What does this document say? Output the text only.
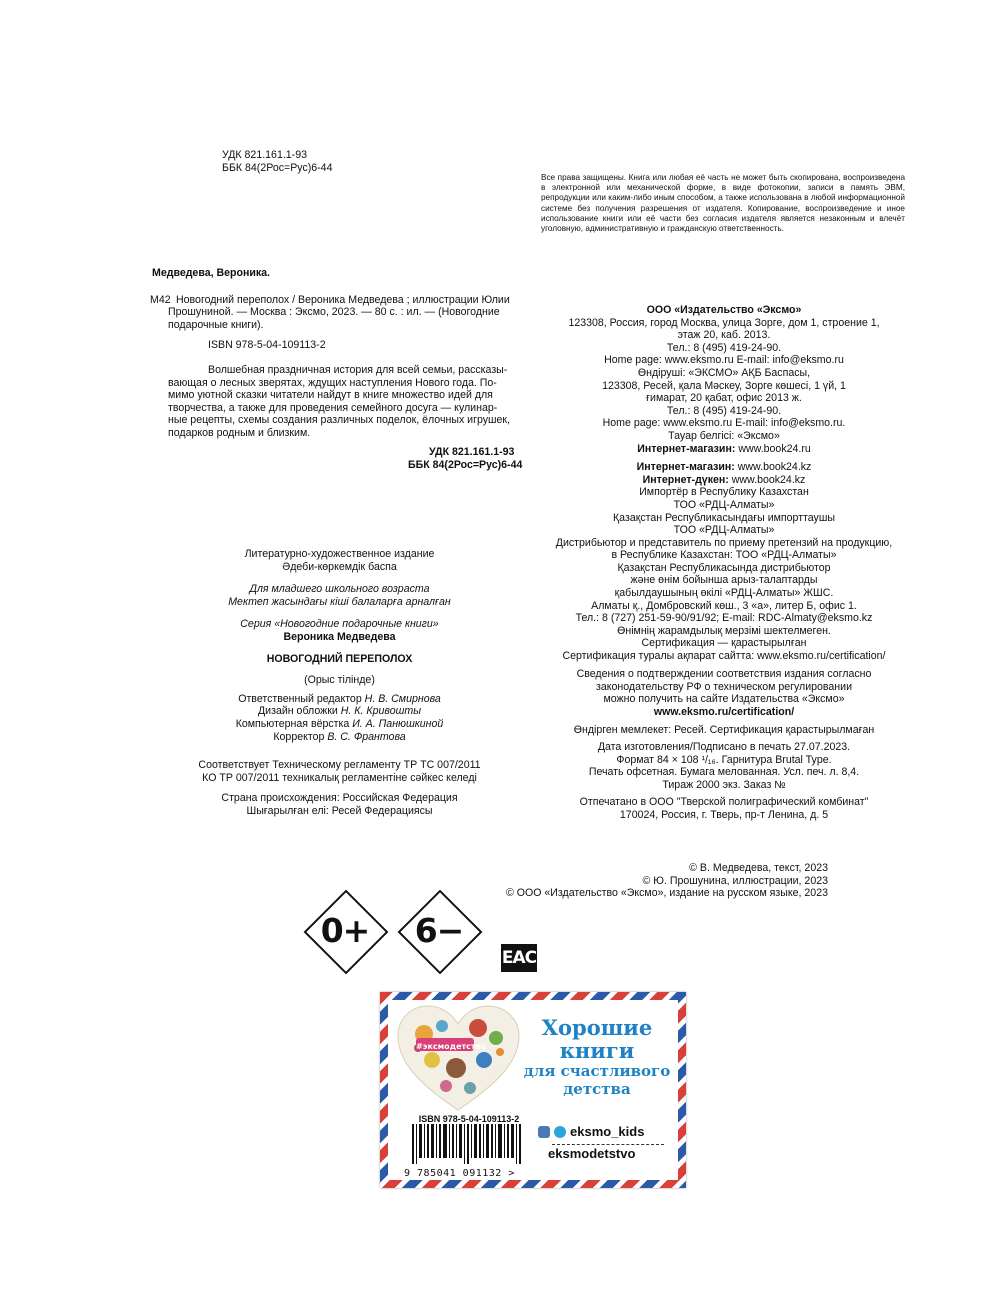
УДК 821.161.1-93
ББК 84(2Рос=Рус)6-44
Все права защищены. Книга или любая её часть не может быть скопирована, воспроизведена в электронной или механической форме, в виде фотокопии, записи в память ЭВМ, репродукции или каким-либо иным способом, а также использована в любой информационной системе без получения разрешения от издателя. Копирование, воспроизведение и иное использование книги или её части без согласия издателя является незаконным и влечёт уголовную, административную и гражданскую ответственность.
Медведева, Вероника.
М42 Новогодний переполох / Вероника Медведева ; иллюстрации Юлии
Прошуниной. — Москва : Эксмо, 2023. — 80 с. : ил. — (Новогодние
подарочные книги).
ISBN 978-5-04-109113-2
Волшебная праздничная история для всей семьи, рассказы-
вающая о лесных зверятах, ждущих наступления Нового года. По-
мимо уютной сказки читатели найдут в книге множество идей для
творчества, а также для проведения семейного досуга — кулинар-
ные рецепты, схемы создания различных поделок, ёлочных игрушек,
подарков родным и близким.
УДК 821.161.1-93
ББК 84(2Рос=Рус)6-44
ООО «Издательство «Эксмо»
123308, Россия, город Москва, улица Зорге, дом 1, строение 1,
этаж 20, каб. 2013.
Тел.: 8 (495) 419-24-90.
Home page: www.eksmo.ru E-mail: info@eksmo.ru
Өндіруші: «ЭКСМО» АҚБ Баспасы,
123308, Ресей, қала Мәскеу, Зорге көшесі, 1 үй, 1
ғимарат, 20 қабат, офис 2013 ж.
Тел.: 8 (495) 419-24-90.
Home page: www.eksmo.ru E-mail: info@eksmo.ru.
Тауар белгісі: «Эксмо»
Интернет-магазин: www.book24.ru
Интернет-магазин: www.book24.kz
Интернет-дүкен: www.book24.kz
Импортёр в Республику Казахстан
ТОО «РДЦ-Алматы»
Қазақстан Республикасындағы импорттаушы
ТОО «РДЦ-Алматы»
Дистрибьютор и представитель по приему претензий на продукцию,
в Республике Казахстан: ТОО «РДЦ-Алматы»
Қазақстан Республикасында дистрибьютор
және өнім бойынша арыз-талаптарды
қабылдаушының өкілі «РДЦ-Алматы» ЖШС.
Алматы қ., Домбровский көш., 3 «а», литер Б, офис 1.
Тел.: 8 (727) 251-59-90/91/92; E-mail: RDC-Almaty@eksmo.kz
Өнімнің жарамдылық мерзімі шектелмеген.
Сертификация — қарастырылған
Сертификация туралы ақпарат сайтта: www.eksmo.ru/certification/
Сведения о подтверждении соответствия издания согласно
законодательству РФ о техническом регулировании
можно получить на сайте Издательства «Эксмо»
www.eksmo.ru/certification/
Өндірген мемлекет: Ресей. Сертификация қарастырылмаған
Дата изготовления/Подписано в печать 27.07.2023.
Формат 84 × 108 ¹/₁₆. Гарнитура Brutal Type.
Печать офсетная. Бумага мелованная. Усл. печ. л. 8,4.
Тираж 2000 экз. Заказ №
Отпечатано в ООО "Тверской полиграфический комбинат"
170024, Россия, г. Тверь, пр-т Ленина, д. 5
Литературно-художественное издание
Әдеби-көркемдік баспа
Для младшего школьного возраста
Мектеп жасындағы кіші балаларға арналған
Серия «Новогодние подарочные книги»
Вероника Медведева
НОВОГОДНИЙ ПЕРЕПОЛОХ
(Орыс тілінде)
Ответственный редактор Н. В. Смирнова
Дизайн обложки Н. К. Кривошты
Компьютерная вёрстка И. А. Панюшкиной
Корректор В. С. Франтова
Соответствует Техническому регламенту ТР ТС 007/2011
КО ТР 007/2011 техникалық регламентіне сәйкес келеді
Страна происхождения: Российская Федерация
Шығарылған елі: Ресей Федерациясы
© В. Медведева, текст, 2023
© Ю. Прошунина, иллюстрации, 2023
© ООО «Издательство «Эксмо», издание на русском языке, 2023
0+	6−
EAC
#эксмодетство
Хорошие
книги
для счастливого
детства
ISBN 978-5-04-109113-2
9 785041 091132 >
eksmo_kids
eksmodetstvo
